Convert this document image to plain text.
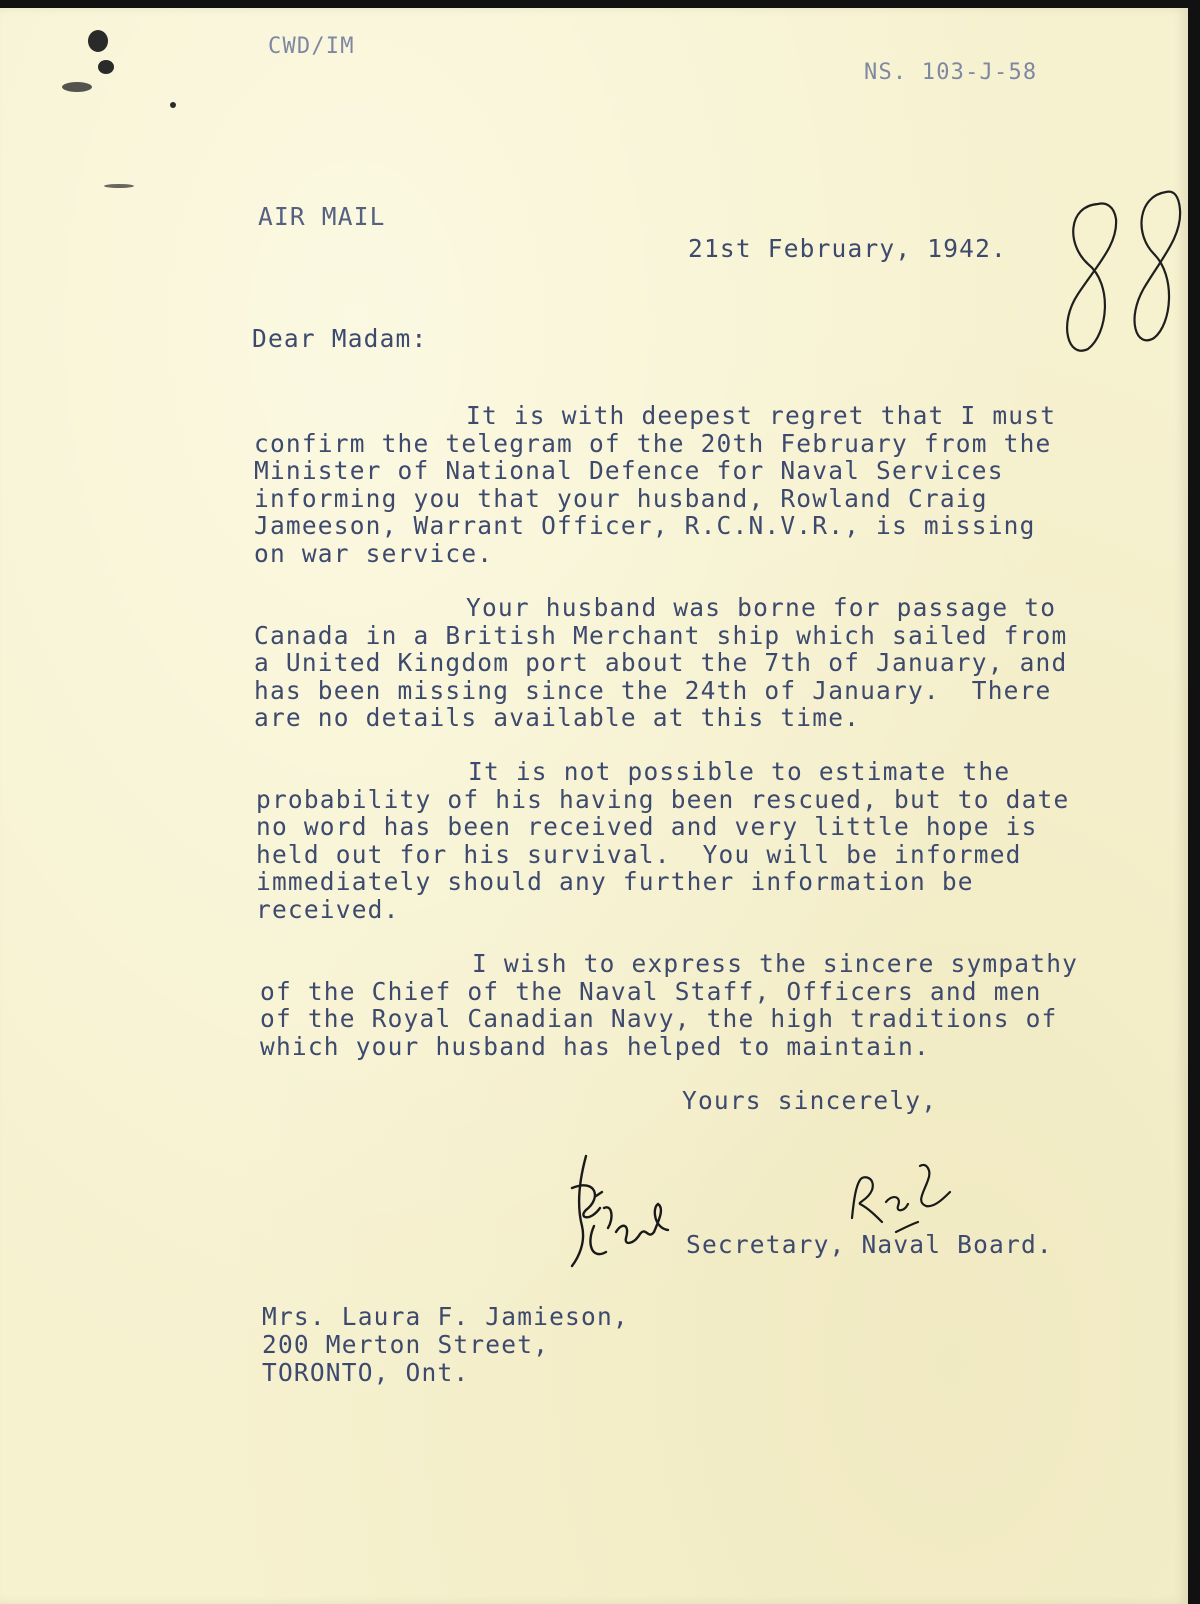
CWD/IM

NS. 103-J-58

88

AIR MAIL

21st February, 1942.

Dear Madam:

It is with deepest regret that I must
confirm the telegram of the 20th February from the
Minister of National Defence for Naval Services
informing you that your husband, Rowland Craig
Jameeson, Warrant Officer, R.C.N.V.R., is missing
on war service.
Your husband was borne for passage to
Canada in a British Merchant ship which sailed from
a United Kingdom port about the 7th of January, and
has been missing since the 24th of January.  There
are no details available at this time.
It is not possible to estimate the
probability of his having been rescued, but to date
no word has been received and very little hope is
held out for his survival.  You will be informed
immediately should any further information be
received.
I wish to express the sincere sympathy
of the Chief of the Naval Staff, Officers and men
of the Royal Canadian Navy, the high traditions of
which your husband has helped to maintain.

Yours sincerely,

Secretary, Naval Board.

Mrs. Laura F. Jamieson,

200 Merton Street,

TORONTO, Ont.
